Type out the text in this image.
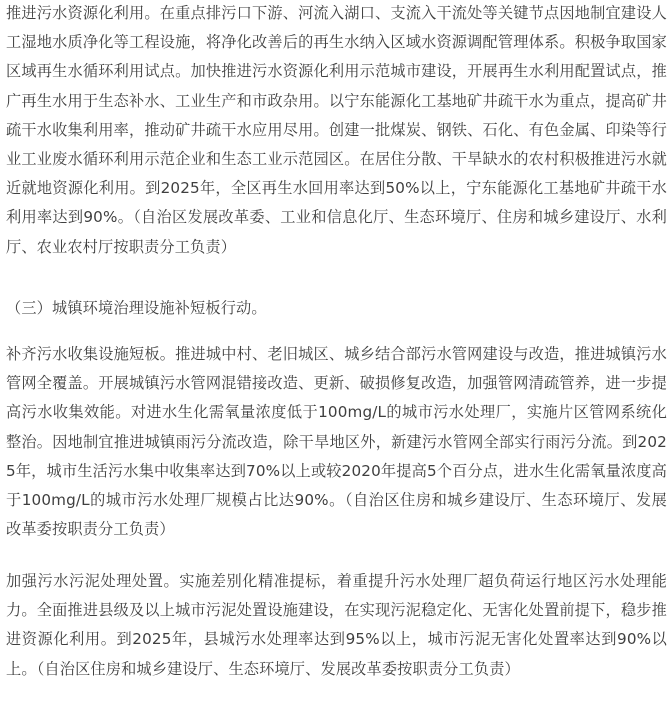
推进污水资源化利用。在重点排污口下游、河流入湖口、支流入干流处等关键节点因地制宜建设人工湿地水质净化等工程设施，将净化改善后的再生水纳入区域水资源调配管理体系。积极争取国家区域再生水循环利用试点。加快推进污水资源化利用示范城市建设，开展再生水利用配置试点，推广再生水用于生态补水、工业生产和市政杂用。以宁东能源化工基地矿井疏干水为重点，提高矿井疏干水收集利用率，推动矿井疏干水应用尽用。创建一批煤炭、钢铁、石化、有色金属、印染等行业工业废水循环利用示范企业和生态工业示范园区。在居住分散、干旱缺水的农村积极推进污水就近就地资源化利用。到2025年，全区再生水回用率达到50%以上，宁东能源化工基地矿井疏干水利用率达到90%。（自治区发展改革委、工业和信息化厅、生态环境厅、住房和城乡建设厅、水利厅、农业农村厅按职责分工负责）

（三）城镇环境治理设施补短板行动。

补齐污水收集设施短板。推进城中村、老旧城区、城乡结合部污水管网建设与改造，推进城镇污水管网全覆盖。开展城镇污水管网混错接改造、更新、破损修复改造，加强管网清疏管养，进一步提高污水收集效能。对进水生化需氧量浓度低于100mg/L的城市污水处理厂，实施片区管网系统化整治。因地制宜推进城镇雨污分流改造，除干旱地区外，新建污水管网全部实行雨污分流。到2025年，城市生活污水集中收集率达到70%以上或较2020年提高5个百分点，进水生化需氧量浓度高于100mg/L的城市污水处理厂规模占比达90%。（自治区住房和城乡建设厅、生态环境厅、发展改革委按职责分工负责）

加强污水污泥处理处置。实施差别化精准提标，着重提升污水处理厂超负荷运行地区污水处理能力。全面推进县级及以上城市污泥处置设施建设，在实现污泥稳定化、无害化处置前提下，稳步推进资源化利用。到2025年，县城污水处理率达到95%以上，城市污泥无害化处置率达到90%以上。（自治区住房和城乡建设厅、生态环境厅、发展改革委按职责分工负责）
